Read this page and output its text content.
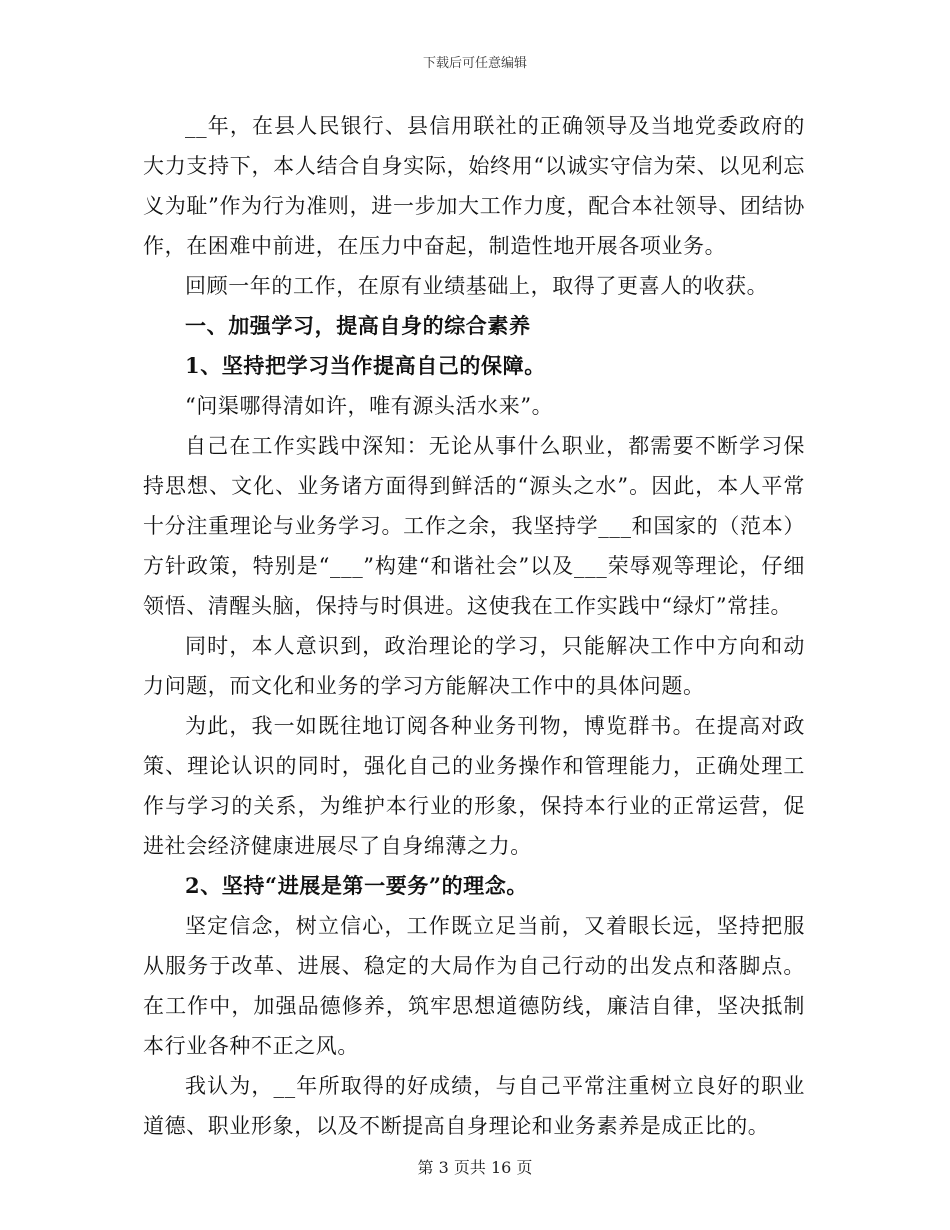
下载后可任意编辑

__年，在县人民银行、县信用联社的正确领导及当地党委政府的大力支持下，本人结合自身实际，始终用“以诚实守信为荣、以见利忘义为耻”作为行为准则，进一步加大工作力度，配合本社领导、团结协作，在困难中前进，在压力中奋起，制造性地开展各项业务。

回顾一年的工作，在原有业绩基础上，取得了更喜人的收获。

一、加强学习，提高自身的综合素养

1、坚持把学习当作提高自己的保障。

“问渠哪得清如许，唯有源头活水来”。

自己在工作实践中深知：无论从事什么职业，都需要不断学习保持思想、文化、业务诸方面得到鲜活的“源头之水”。因此，本人平常十分注重理论与业务学习。工作之余，我坚持学___和国家的（范本）方针政策，特别是“___”构建“和谐社会”以及___荣辱观等理论，仔细领悟、清醒头脑，保持与时俱进。这使我在工作实践中“绿灯”常挂。

同时，本人意识到，政治理论的学习，只能解决工作中方向和动力问题，而文化和业务的学习方能解决工作中的具体问题。

为此，我一如既往地订阅各种业务刊物，博览群书。在提高对政策、理论认识的同时，强化自己的业务操作和管理能力，正确处理工作与学习的关系，为维护本行业的形象，保持本行业的正常运营，促进社会经济健康进展尽了自身绵薄之力。

2、坚持“进展是第一要务”的理念。

坚定信念，树立信心，工作既立足当前，又着眼长远，坚持把服从服务于改革、进展、稳定的大局作为自己行动的出发点和落脚点。在工作中，加强品德修养，筑牢思想道德防线，廉洁自律，坚决抵制本行业各种不正之风。

我认为，__年所取得的好成绩，与自己平常注重树立良好的职业道德、职业形象，以及不断提高自身理论和业务素养是成正比的。

第 3 页共 16 页
